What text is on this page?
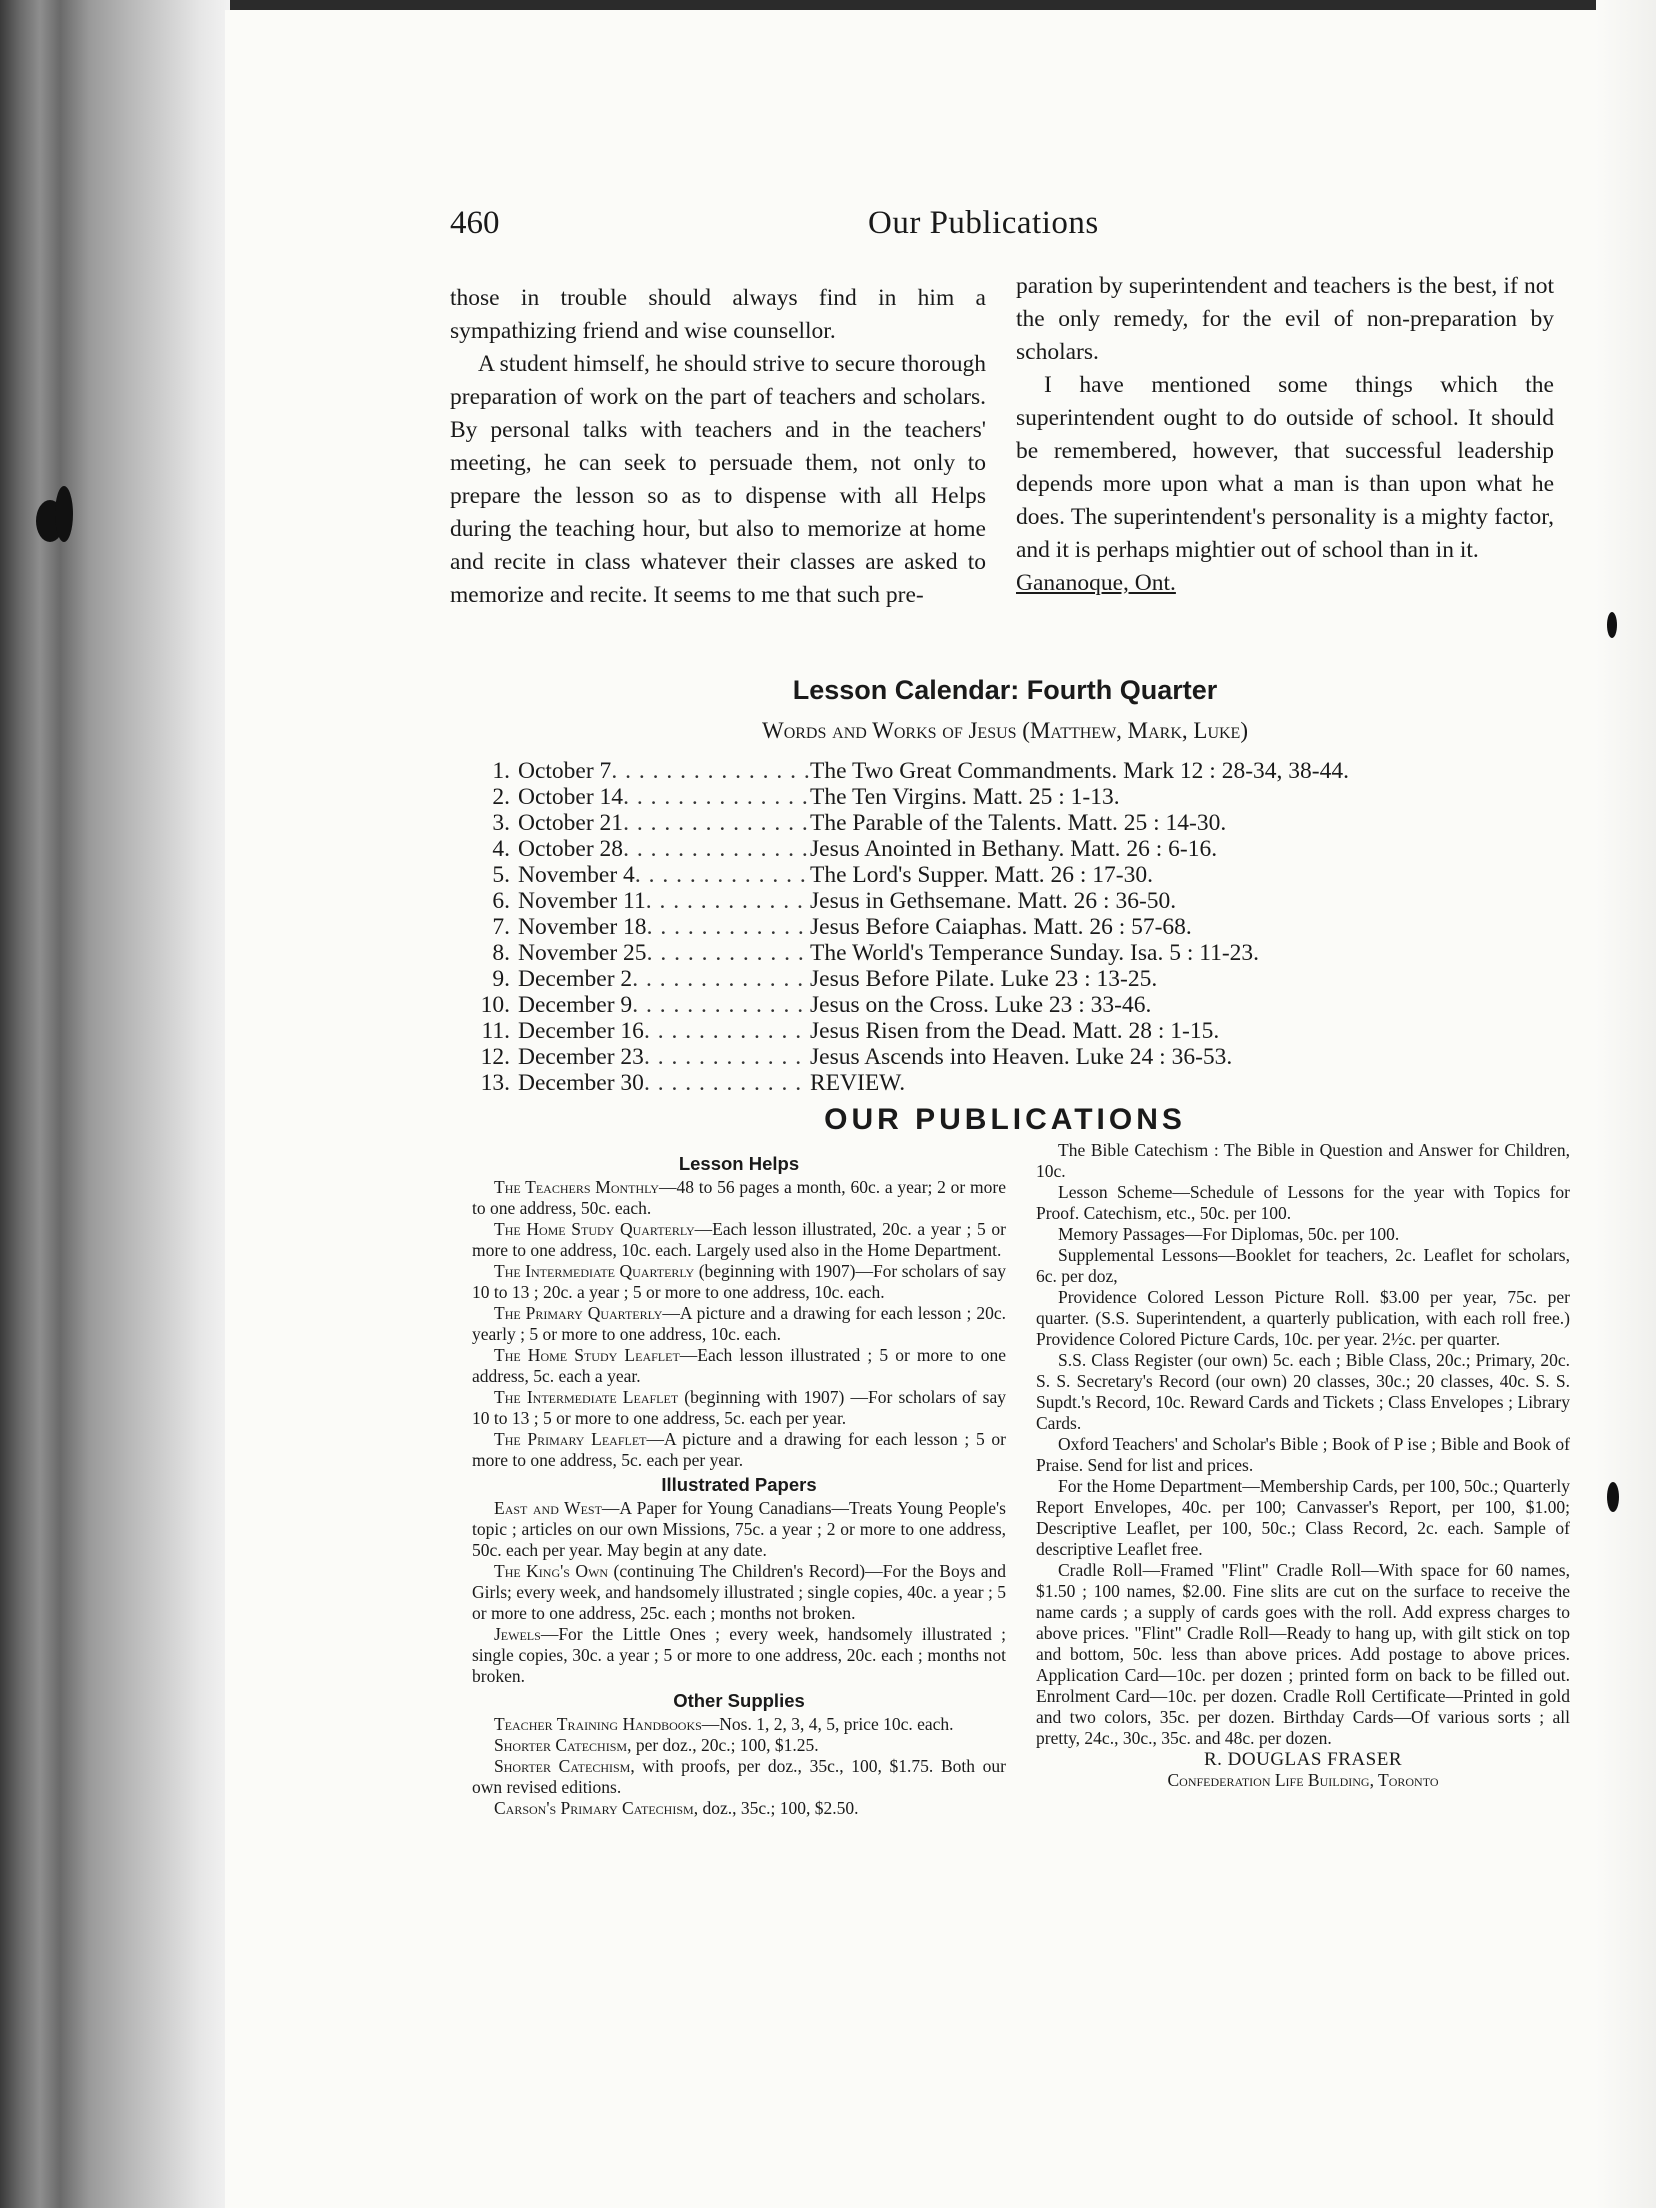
460	Our Publications

those in trouble should always find in him a sympathizing friend and wise counsellor.

A student himself, he should strive to secure thorough preparation of work on the part of teachers and scholars. By personal talks with teachers and in the teachers' meeting, he can seek to persuade them, not only to prepare the lesson so as to dispense with all Helps during the teaching hour, but also to memorize at home and recite in class whatever their classes are asked to memorize and recite. It seems to me that such pre-

paration by superintendent and teachers is the best, if not the only remedy, for the evil of non-preparation by scholars.

I have mentioned some things which the superintendent ought to do outside of school. It should be remembered, however, that successful leadership depends more upon what a man is than upon what he does. The superintendent's personality is a mighty factor, and it is perhaps mightier out of school than in it.

Gananoque, Ont.

Lesson Calendar: Fourth Quarter
Words and Works of Jesus (Matthew, Mark, Luke)
1. October 7 . . .	The Two Great Commandments. Mark 12 : 28-34, 38-44.
2. October 14 . . .	The Ten Virgins. Matt. 25 : 1-13.
3. October 21 . . .	The Parable of the Talents. Matt. 25 : 14-30.
4. October 28 . . .	Jesus Anointed in Bethany. Matt. 26 : 6-16.
5. November 4 . . .	The Lord's Supper. Matt. 26 : 17-30.
6. November 11 . . .	Jesus in Gethsemane. Matt. 26 : 36-50.
7. November 18 . . .	Jesus Before Caiaphas. Matt. 26 : 57-68.
8. November 25 . . .	The World's Temperance Sunday. Isa. 5 : 11-23.
9. December 2 . . .	Jesus Before Pilate. Luke 23 : 13-25.
10. December 9 . . .	Jesus on the Cross. Luke 23 : 33-46.
11. December 16 . . .	Jesus Risen from the Dead. Matt. 28 : 1-15.
12. December 23 . . .	Jesus Ascends into Heaven. Luke 24 : 36-53.
13. December 30 . . .	REVIEW.
OUR PUBLICATIONS
Lesson Helps

The Teachers Monthly—48 to 56 pages a month, 60c. a year; 2 or more to one address, 50c. each.

The Home Study Quarterly—Each lesson illustrated, 20c. a year ; 5 or more to one address, 10c. each. Largely used also in the Home Department.

The Intermediate Quarterly (beginning with 1907)—For scholars of say 10 to 13 ; 20c. a year ; 5 or more to one address, 10c. each.

The Primary Quarterly—A picture and a drawing for each lesson ; 20c. yearly ; 5 or more to one address, 10c. each.

The Home Study Leaflet—Each lesson illustrated ; 5 or more to one address, 5c. each a year.

The Intermediate Leaflet (beginning with 1907) —For scholars of say 10 to 13 ; 5 or more to one address, 5c. each per year.

The Primary Leaflet—A picture and a drawing for each lesson ; 5 or more to one address, 5c. each per year.

Illustrated Papers

East and West—A Paper for Young Canadians—Treats Young People's topic ; articles on our own Missions, 75c. a year ; 2 or more to one address, 50c. each per year. May begin at any date.

The King's Own (continuing The Children's Record)—For the Boys and Girls; every week, and handsomely illustrated ; single copies, 40c. a year ; 5 or more to one address, 25c. each ; months not broken.

Jewels—For the Little Ones ; every week, handsomely illustrated ; single copies, 30c. a year ; 5 or more to one address, 20c. each ; months not broken.

Other Supplies

Teacher Training Handbooks—Nos. 1, 2, 3, 4, 5, price 10c. each.

Shorter Catechism, per doz., 20c.; 100, $1.25.

Shorter Catechism, with proofs, per doz., 35c., 100, $1.75. Both our own revised editions.

Carson's Primary Catechism, doz., 35c.; 100, $2.50.

The Bible Catechism : The Bible in Question and Answer for Children, 10c.

Lesson Scheme—Schedule of Lessons for the year with Topics for Proof. Catechism, etc., 50c. per 100.

Memory Passages—For Diplomas, 50c. per 100.

Supplemental Lessons—Booklet for teachers, 2c. Leaflet for scholars, 6c. per doz,

Providence Colored Lesson Picture Roll. $3.00 per year, 75c. per quarter. (S.S. Superintendent, a quarterly publication, with each roll free.) Providence Colored Picture Cards, 10c. per year. 2½c. per quarter.

S.S. Class Register (our own) 5c. each ; Bible Class, 20c.; Primary, 20c. S. S. Secretary's Record (our own) 20 classes, 30c.; 20 classes, 40c. S. S. Supdt.'s Record, 10c. Reward Cards and Tickets ; Class Envelopes ; Library Cards.

Oxford Teachers' and Scholar's Bible ; Book of P ise ; Bible and Book of Praise. Send for list and prices.

For the Home Department—Membership Cards, per 100, 50c.; Quarterly Report Envelopes, 40c. per 100; Canvasser's Report, per 100, $1.00; Descriptive Leaflet, per 100, 50c.; Class Record, 2c. each. Sample of descriptive Leaflet free.

Cradle Roll—Framed "Flint" Cradle Roll—With space for 60 names, $1.50 ; 100 names, $2.00. Fine slits are cut on the surface to receive the name cards ; a supply of cards goes with the roll. Add express charges to above prices. "Flint" Cradle Roll—Ready to hang up, with gilt stick on top and bottom, 50c. less than above prices. Add postage to above prices. Application Card—10c. per dozen ; printed form on back to be filled out. Enrolment Card—10c. per dozen. Cradle Roll Certificate—Printed in gold and two colors, 35c. per dozen. Birthday Cards—Of various sorts ; all pretty, 24c., 30c., 35c. and 48c. per dozen.

R. DOUGLAS FRASER

Confederation Life Building, Toronto
